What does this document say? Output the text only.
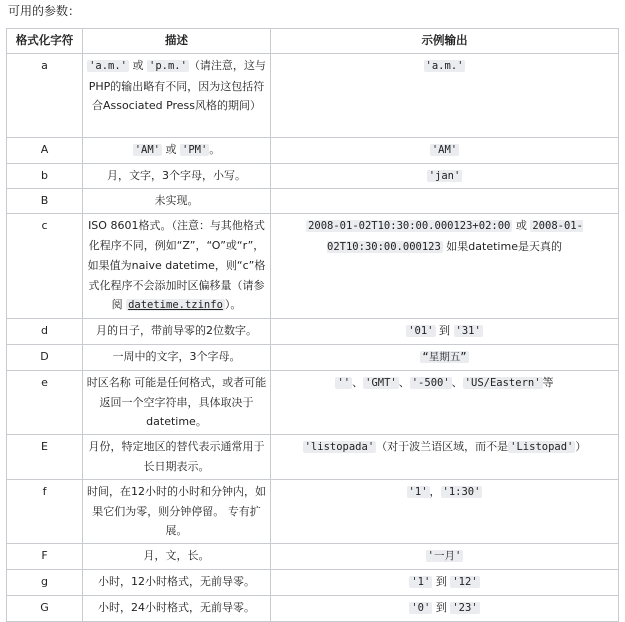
可用的参数：
格式化字符	描述	示例输出
a	'a.m.' 或 'p.m.' （请注意，这与PHP的输出略有不同，因为这包括符合Associated Press风格的期间）	'a.m.'
A	'AM' 或 'PM' 。	'AM'
b	月，文字，3个字母，小写。	'jan'
B	未实现。	
c	ISO 8601格式。（注意：与其他格式化程序不同，例如“Z”，“O”或“r”，如果值为naive datetime，则“c”格式化程序不会添加时区偏移量（请参阅 datetime.tzinfo ）。	2008-01-02T10:30:00.000123+02:00 或 2008-01-02T10:30:00.000123 如果datetime是天真的
d	月的日子，带前导零的2位数字。	'01' 到 '31'
D	一周中的文字，3个字母。	“星期五”
e	时区名称 可能是任何格式，或者可能返回一个空字符串，具体取决于datetime。	'' 、 'GMT' 、 '-500' 、 'US/Eastern' 等
E	月份，特定地区的替代表示通常用于长日期表示。	'listopada' （对于波兰语区域，而不是 'Listopad' ）
f	时间，在12小时的小时和分钟内，如果它们为零，则分钟停留。 专有扩展。	'1' ， '1:30'
F	月，文，长。	'一月'
g	小时，12小时格式，无前导零。	'1' 到 '12'
G	小时，24小时格式，无前导零。	'0' 到 '23'
